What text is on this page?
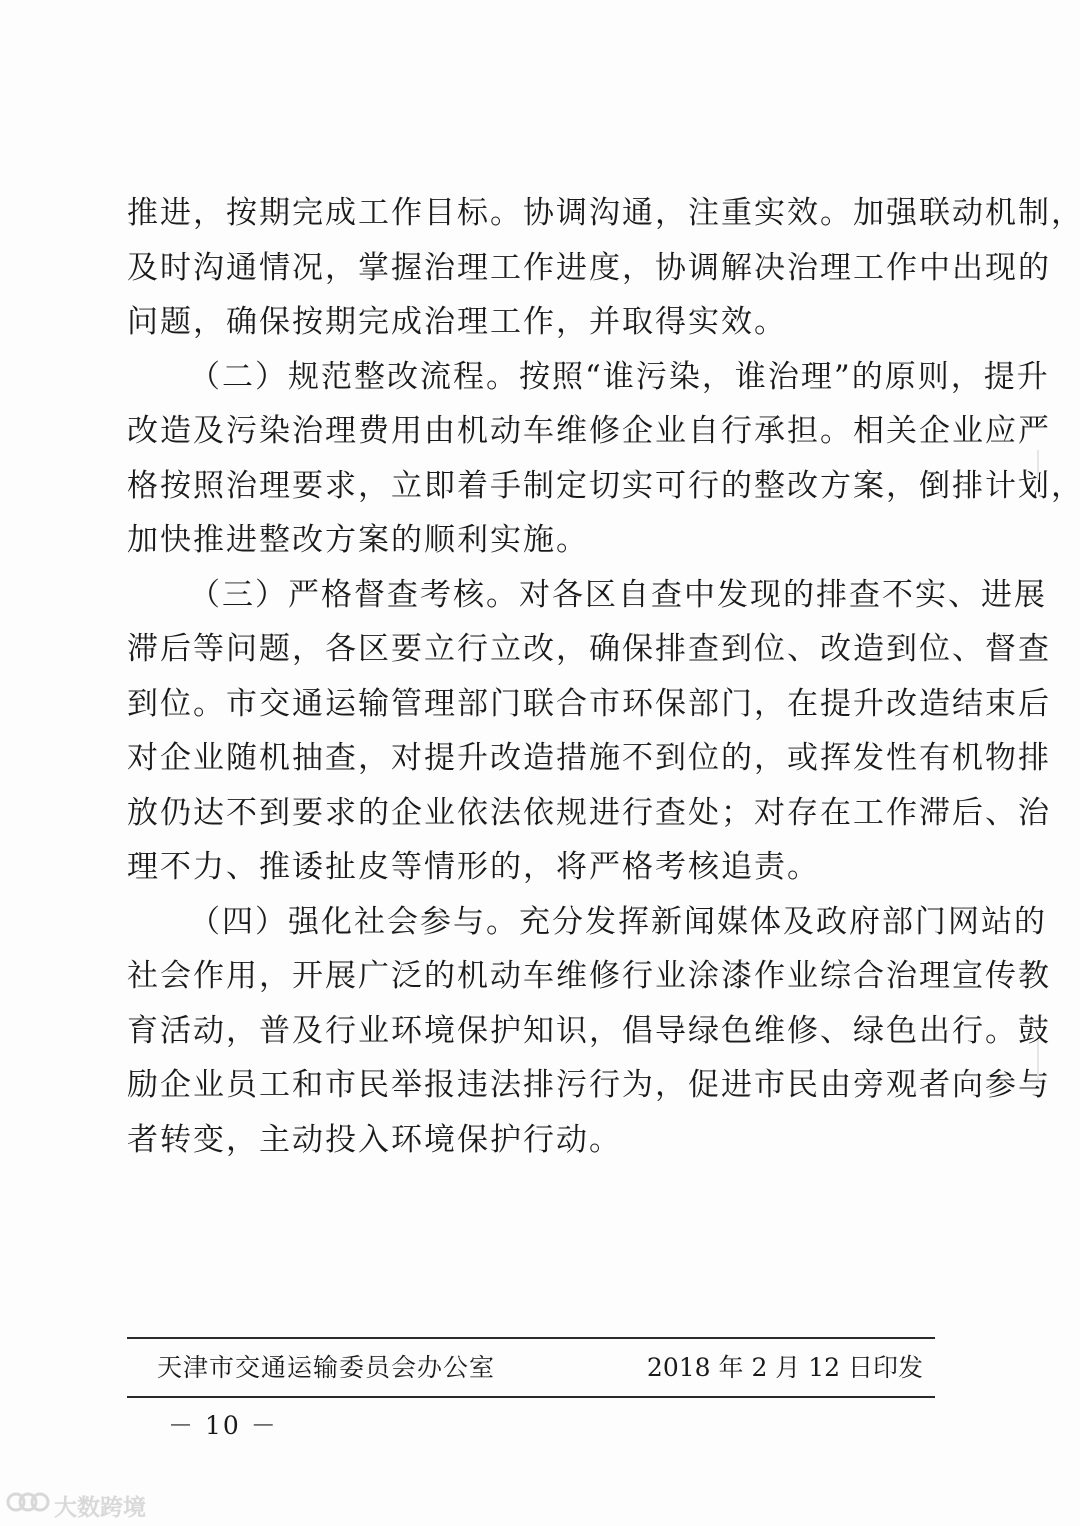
推进，按期完成工作目标。协调沟通，注重实效。加强联动机制，
及时沟通情况，掌握治理工作进度，协调解决治理工作中出现的
问题，确保按期完成治理工作，并取得实效。
（二）规范整改流程。按照“谁污染，谁治理”的原则，提升
改造及污染治理费用由机动车维修企业自行承担。相关企业应严
格按照治理要求，立即着手制定切实可行的整改方案，倒排计划，
加快推进整改方案的顺利实施。
（三）严格督查考核。对各区自查中发现的排查不实、进展
滞后等问题，各区要立行立改，确保排查到位、改造到位、督查
到位。市交通运输管理部门联合市环保部门，在提升改造结束后
对企业随机抽查，对提升改造措施不到位的，或挥发性有机物排
放仍达不到要求的企业依法依规进行查处；对存在工作滞后、治
理不力、推诿扯皮等情形的，将严格考核追责。
（四）强化社会参与。充分发挥新闻媒体及政府部门网站的
社会作用，开展广泛的机动车维修行业涂漆作业综合治理宣传教
育活动，普及行业环境保护知识，倡导绿色维修、绿色出行。鼓
励企业员工和市民举报违法排污行为，促进市民由旁观者向参与
者转变，主动投入环境保护行动。
天津市交通运输委员会办公室	2018 年 2 月 12 日印发
－ 10 －
大数跨境
